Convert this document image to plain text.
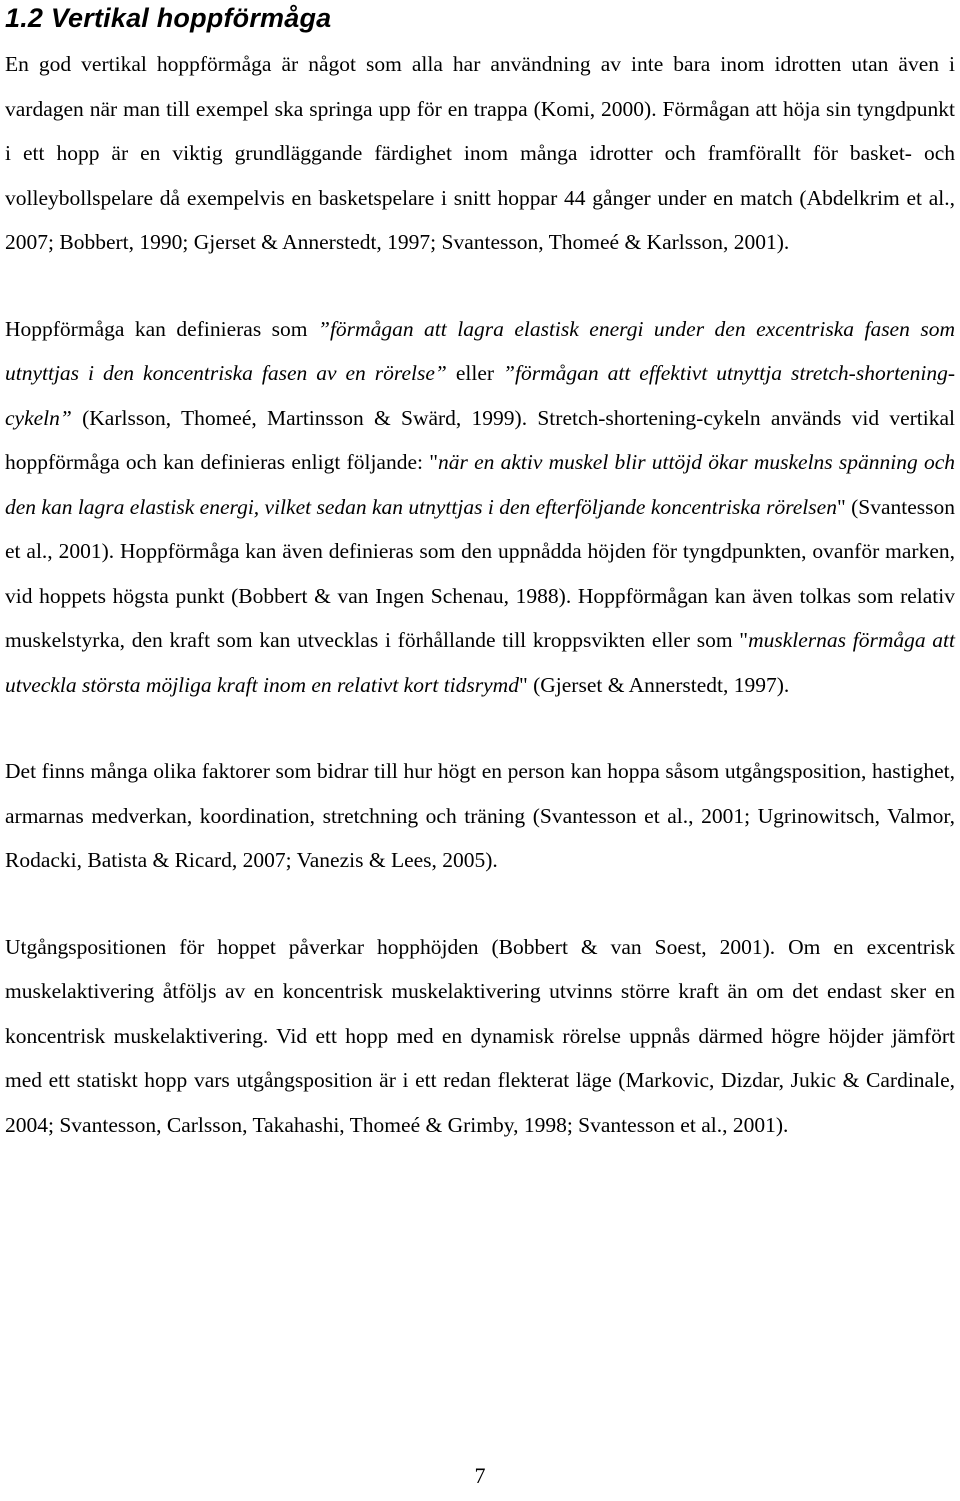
1.2 Vertikal hoppförmåga

En god vertikal hoppförmåga är något som alla har användning av inte bara inom idrotten utan även i vardagen när man till exempel ska springa upp för en trappa (Komi, 2000). Förmågan att höja sin tyngdpunkt i ett hopp är en viktig grundläggande färdighet inom många idrotter och framförallt för basket- och volleybollspelare då exempelvis en basketspelare i snitt hoppar 44 gånger under en match (Abdelkrim et al., 2007; Bobbert, 1990; Gjerset & Annerstedt, 1997; Svantesson, Thomeé & Karlsson, 2001).

Hoppförmåga kan definieras som ”förmågan att lagra elastisk energi under den excentriska fasen som utnyttjas i den koncentriska fasen av en rörelse” eller ”förmågan att effektivt utnyttja stretch-shortening-cykeln” (Karlsson, Thomeé, Martinsson & Swärd, 1999). Stretch-shortening-cykeln används vid vertikal hoppförmåga och kan definieras enligt följande: "när en aktiv muskel blir uttöjd ökar muskelns spänning och den kan lagra elastisk energi, vilket sedan kan utnyttjas i den efterföljande koncentriska rörelsen" (Svantesson et al., 2001). Hoppförmåga kan även definieras som den uppnådda höjden för tyngdpunkten, ovanför marken, vid hoppets högsta punkt (Bobbert & van Ingen Schenau, 1988). Hoppförmågan kan även tolkas som relativ muskelstyrka, den kraft som kan utvecklas i förhållande till kroppsvikten eller som "musklernas förmåga att utveckla största möjliga kraft inom en relativt kort tidsrymd" (Gjerset & Annerstedt, 1997).

Det finns många olika faktorer som bidrar till hur högt en person kan hoppa såsom utgångsposition, hastighet, armarnas medverkan, koordination, stretchning och träning (Svantesson et al., 2001; Ugrinowitsch, Valmor, Rodacki, Batista & Ricard, 2007; Vanezis & Lees, 2005).

Utgångspositionen för hoppet påverkar hopphöjden (Bobbert & van Soest, 2001). Om en excentrisk muskelaktivering åtföljs av en koncentrisk muskelaktivering utvinns större kraft än om det endast sker en koncentrisk muskelaktivering. Vid ett hopp med en dynamisk rörelse uppnås därmed högre höjder jämfört med ett statiskt hopp vars utgångsposition är i ett redan flekterat läge (Markovic, Dizdar, Jukic & Cardinale, 2004; Svantesson, Carlsson, Takahashi, Thomeé & Grimby, 1998; Svantesson et al., 2001).

7
